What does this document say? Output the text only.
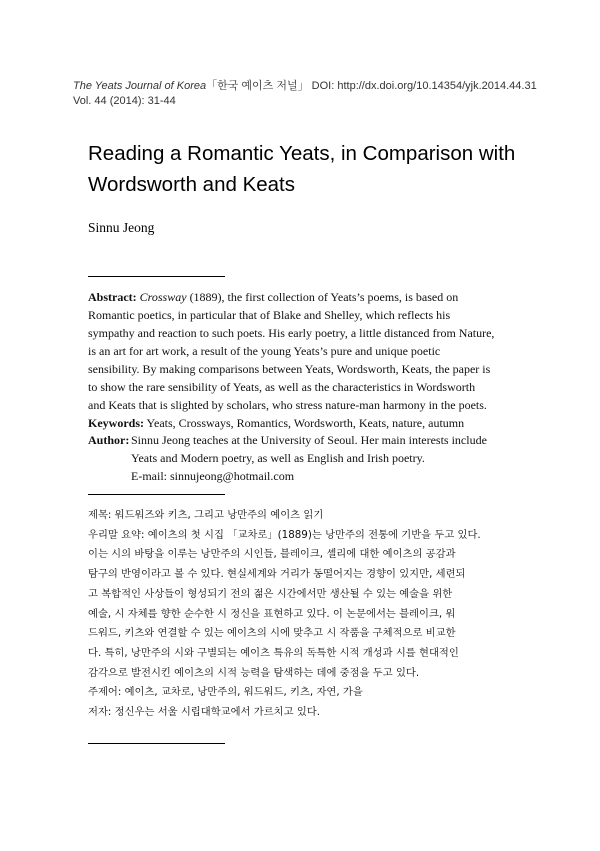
The Yeats Journal of Korea「한국 예이츠 저널」 DOI: http://dx.doi.org/10.14354/yjk.2014.44.31
Vol. 44 (2014): 31-44
Reading a Romantic Yeats, in Comparison with
Wordsworth and Keats
Sinnu Jeong
Abstract: Crossway (1889), the first collection of Yeats’s poems, is based on
Romantic poetics, in particular that of Blake and Shelley, which reflects his
sympathy and reaction to such poets. His early poetry, a little distanced from Nature,
is an art for art work, a result of the young Yeats’s pure and unique poetic
sensibility. By making comparisons between Yeats, Wordsworth, Keats, the paper is
to show the rare sensibility of Yeats, as well as the characteristics in Wordsworth
and Keats that is slighted by scholars, who stress nature-man harmony in the poets.
Keywords: Yeats, Crossways, Romantics, Wordsworth, Keats, nature, autumn
Author: Sinnu Jeong teaches at the University of Seoul. Her main interests include
Yeats and Modern poetry, as well as English and Irish poetry.
E-mail: sinnujeong@hotmail.com
제목: 워드워즈와 키츠, 그리고 낭만주의 예이츠 읽기
우리말 요약: 예이츠의 첫 시집 「교차로」(1889)는 낭만주의 전통에 기반을 두고 있다.
이는 시의 바탕을 이루는 낭만주의 시인들, 블레이크, 셸리에 대한 예이츠의 공감과
탐구의 반영이라고 볼 수 있다. 현실세계와 거리가 동떨어지는 경향이 있지만, 세련되
고 복합적인 사상들이 형성되기 전의 젊은 시간에서만 생산될 수 있는 예술을 위한
예술, 시 자체를 향한 순수한 시 정신을 표현하고 있다. 이 논문에서는 블레이크, 워
드워드, 키츠와 연결할 수 있는 예이츠의 시에 맞추고 시 작품을 구체적으로 비교한
다. 특히, 낭만주의 시와 구별되는 예이츠 특유의 독특한 시적 개성과 시를 현대적인
감각으로 발전시킨 예이츠의 시적 능력을 탐색하는 데에 중점을 두고 있다.
주제어: 예이츠, 교차로, 낭만주의, 워드워드, 키츠, 자연, 가을
저자: 정신우는 서울 시립대학교에서 가르치고 있다.
